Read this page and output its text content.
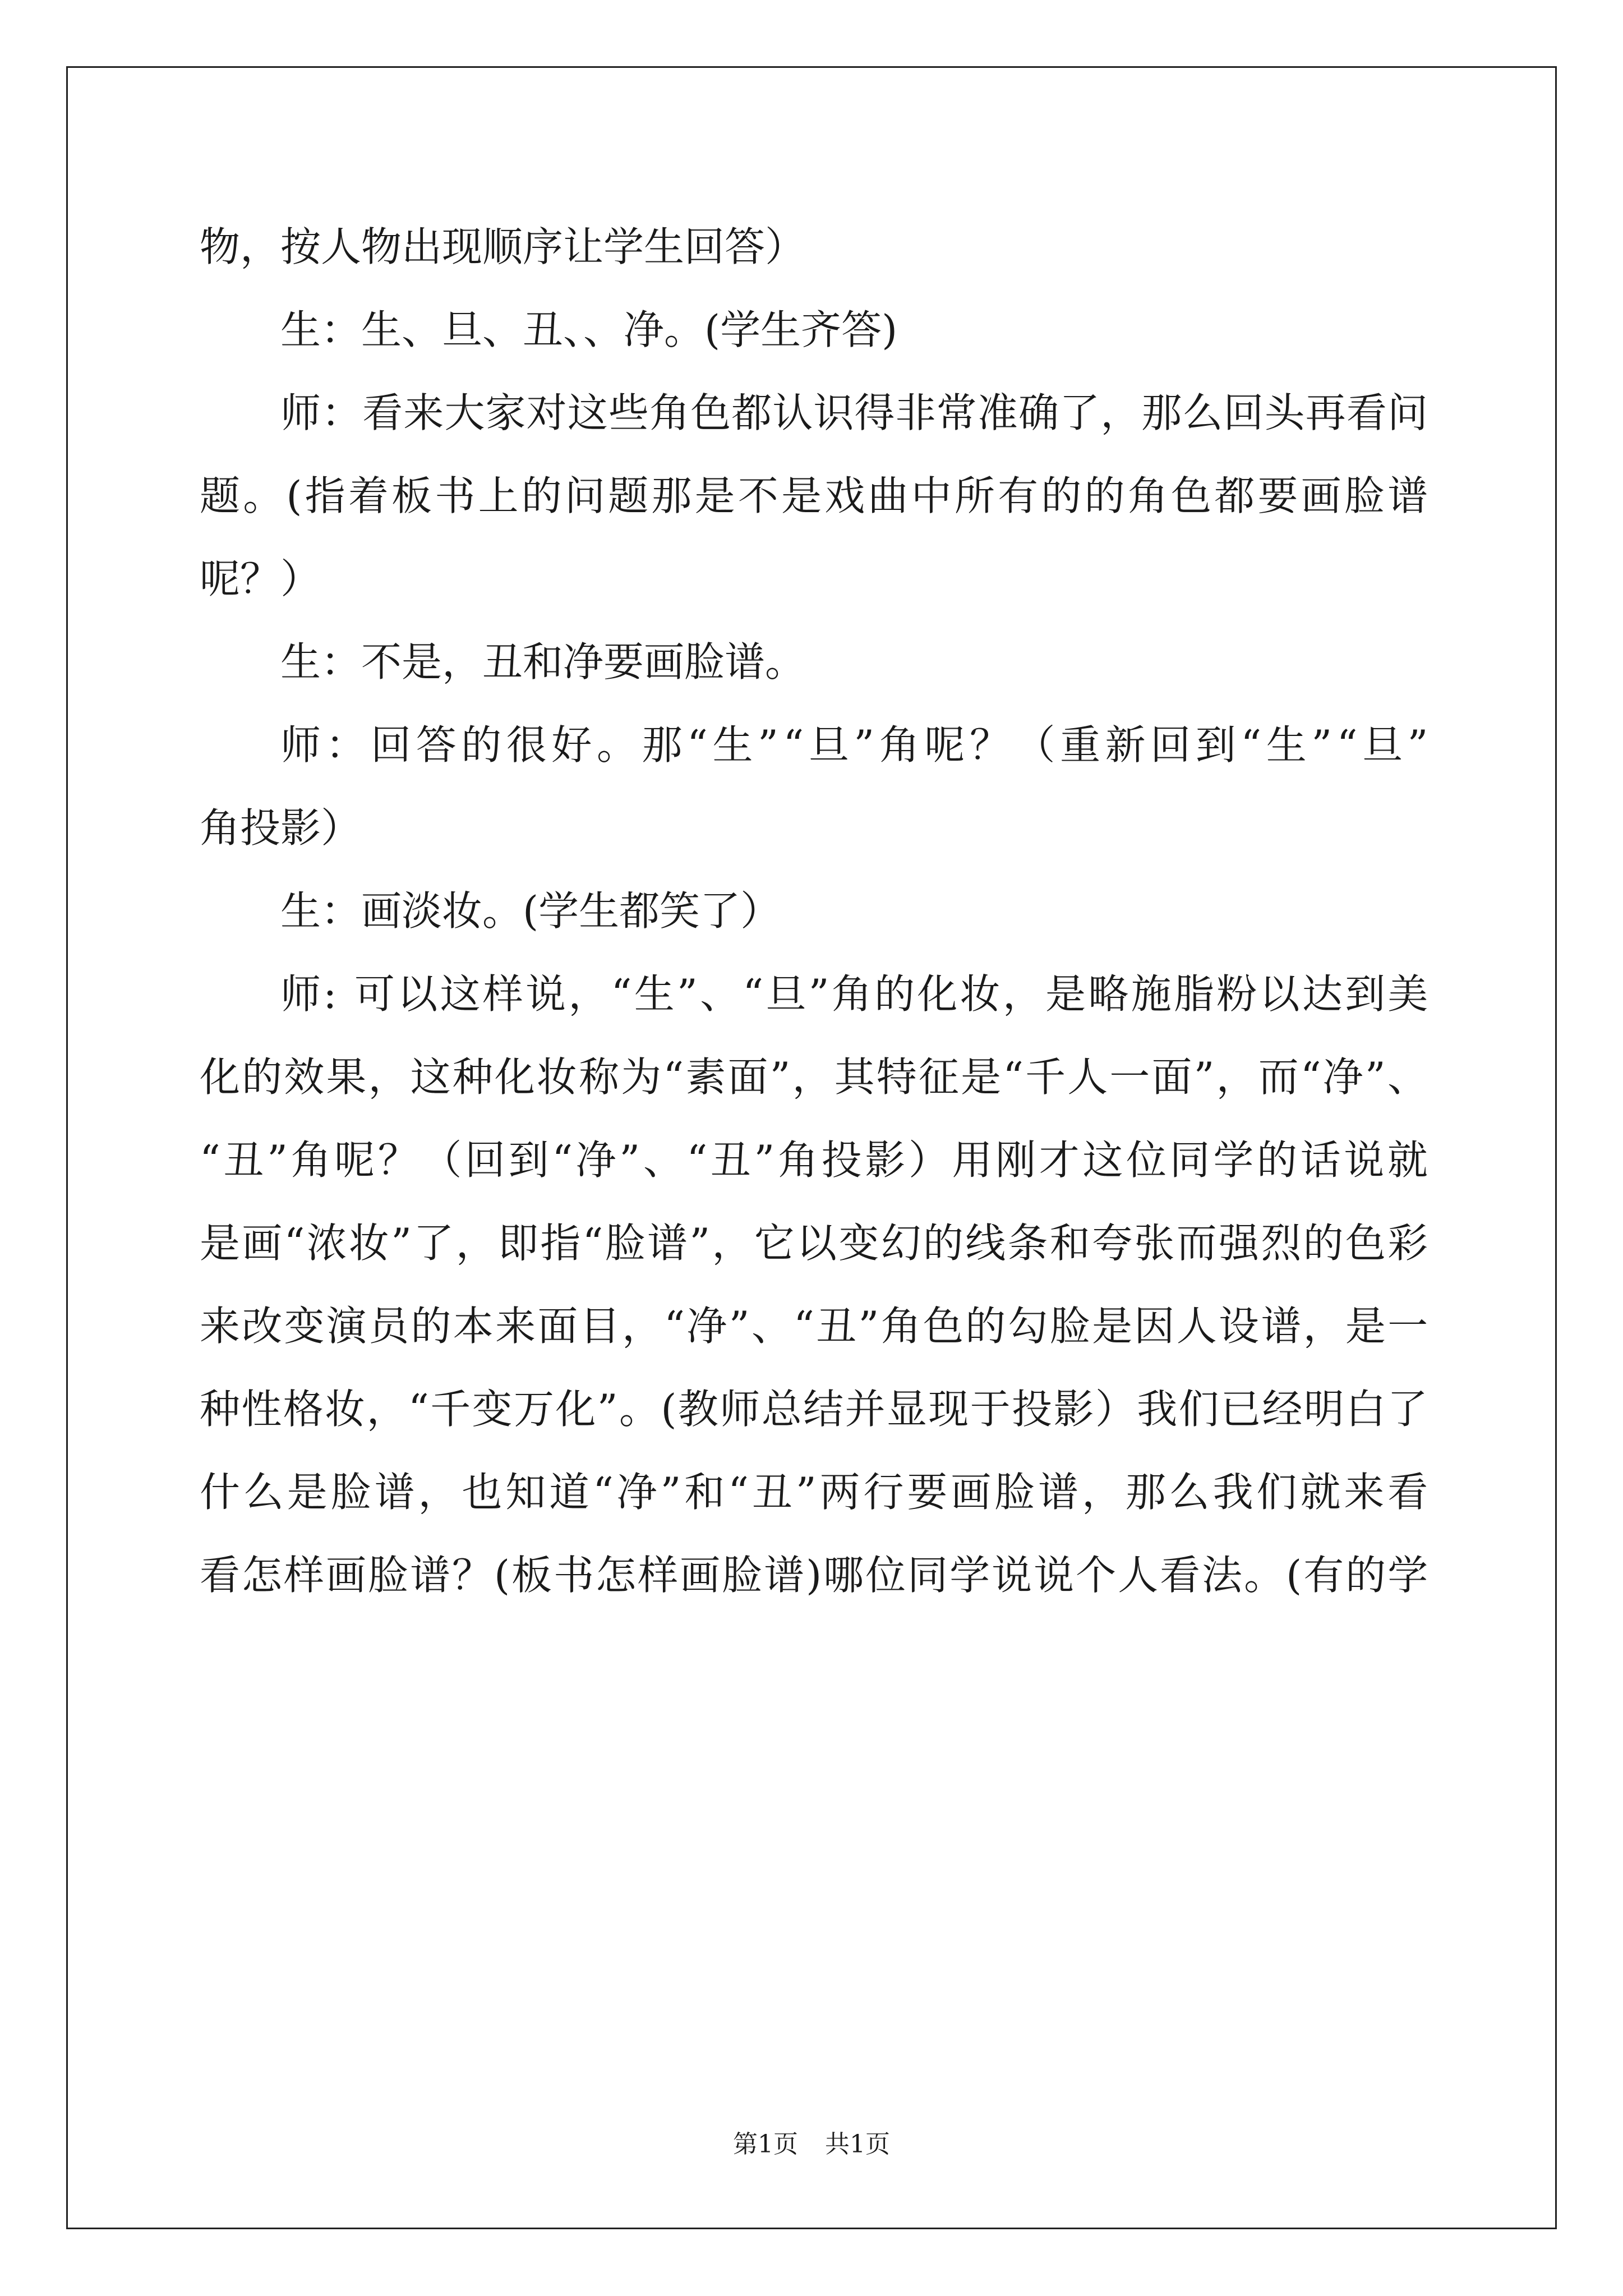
物，按人物出现顺序让学生回答）
生：生、旦、丑、、净。(学生齐答)
师：看来大家对这些角色都认识得非常准确了，那么回头再看问
题。(指着板书上的问题那是不是戏曲中所有的的角色都要画脸谱
呢？）
生：不是，丑和净要画脸谱。
师：回答的很好。那“生”“旦”角呢？（重新回到“生”“旦”
角投影）
生：画淡妆。(学生都笑了）
师: 可以这样说，“生”、“旦”角的化妆，是略施脂粉以达到美
化的效果，这种化妆称为“素面”，其特征是“千人一面”，而“净”、
“丑”角呢？（回到“净”、“丑”角投影）用刚才这位同学的话说就
是画“浓妆”了，即指“脸谱”，它以变幻的线条和夸张而强烈的色彩
来改变演员的本来面目，“净”、“丑”角色的勾脸是因人设谱，是一
种性格妆，“千变万化”。(教师总结并显现于投影）我们已经明白了
什么是脸谱，也知道“净”和“丑”两行要画脸谱，那么我们就来看
看怎样画脸谱？(板书怎样画脸谱)哪位同学说说个人看法。(有的学
第1页 共1页
